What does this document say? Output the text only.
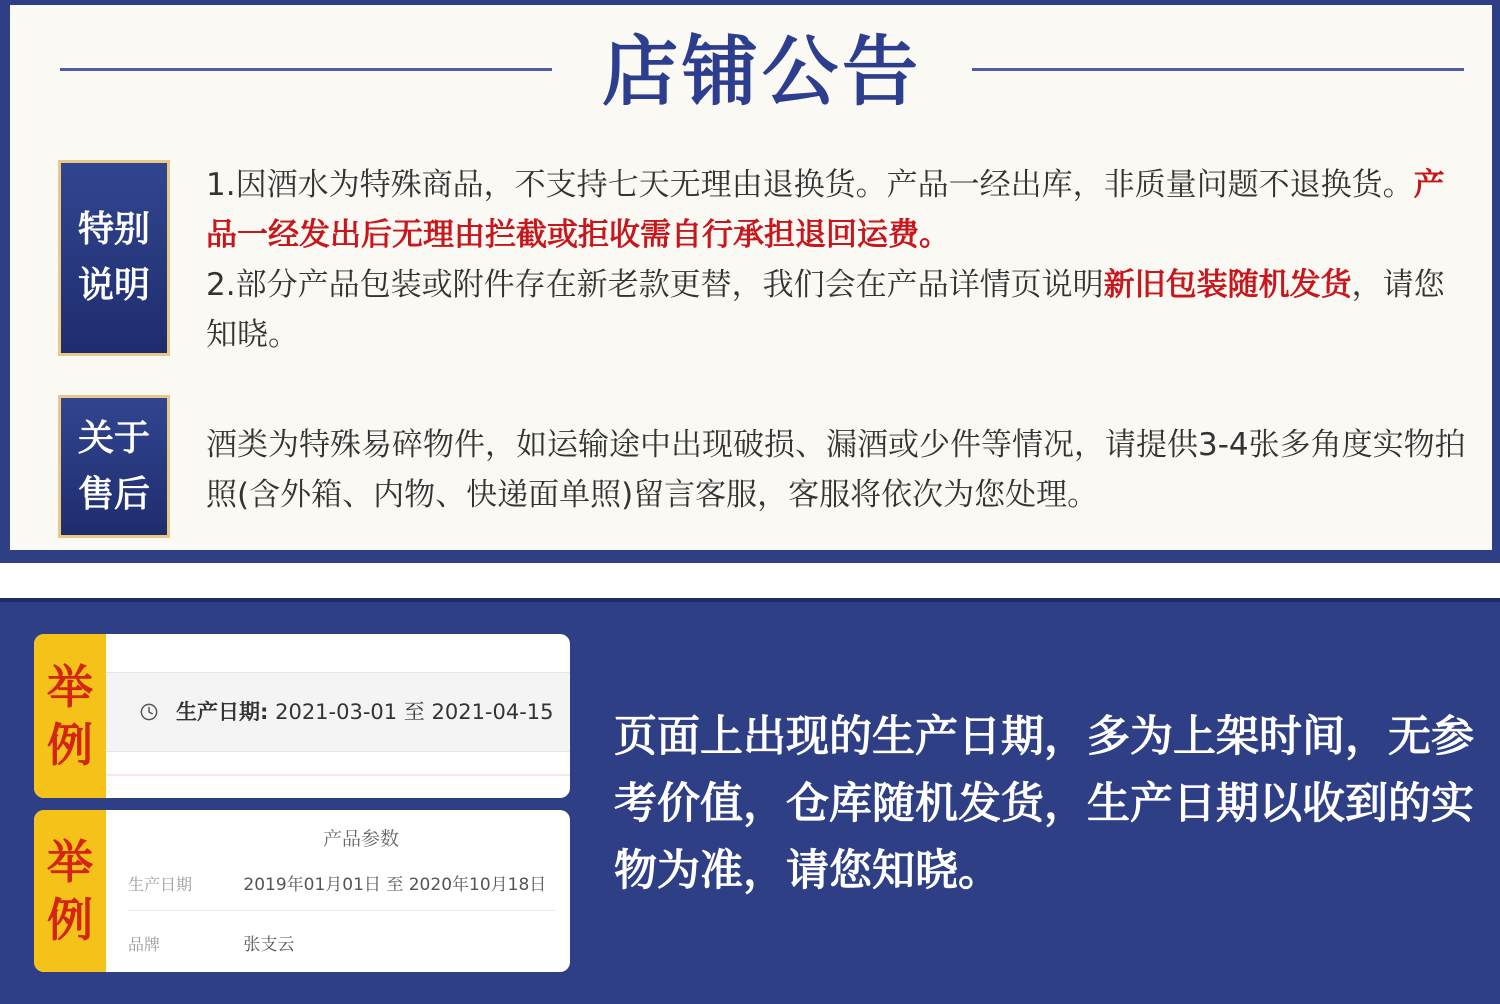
店铺公告
特别
说明
1.因酒水为特殊商品，不支持七天无理由退换货。产品一经出库，非质量问题不退换货。产品一经发出后无理由拦截或拒收需自行承担退回运费。
2.部分产品包装或附件存在新老款更替，我们会在产品详情页说明新旧包装随机发货，请您知晓。
关于
售后
酒类为特殊易碎物件，如运输途中出现破损、漏酒或少件等情况，请提供3-4张多角度实物拍照(含外箱、内物、快递面单照)留言客服，客服将依次为您处理。
举
例
生产日期: 2021-03-01 至 2021-04-15
举
例
产品参数
生产日期	2019年01月01日 至 2020年10月18日
品牌	张支云
页面上出现的生产日期，多为上架时间，无参考价值，仓库随机发货，生产日期以收到的实物为准，请您知晓。
